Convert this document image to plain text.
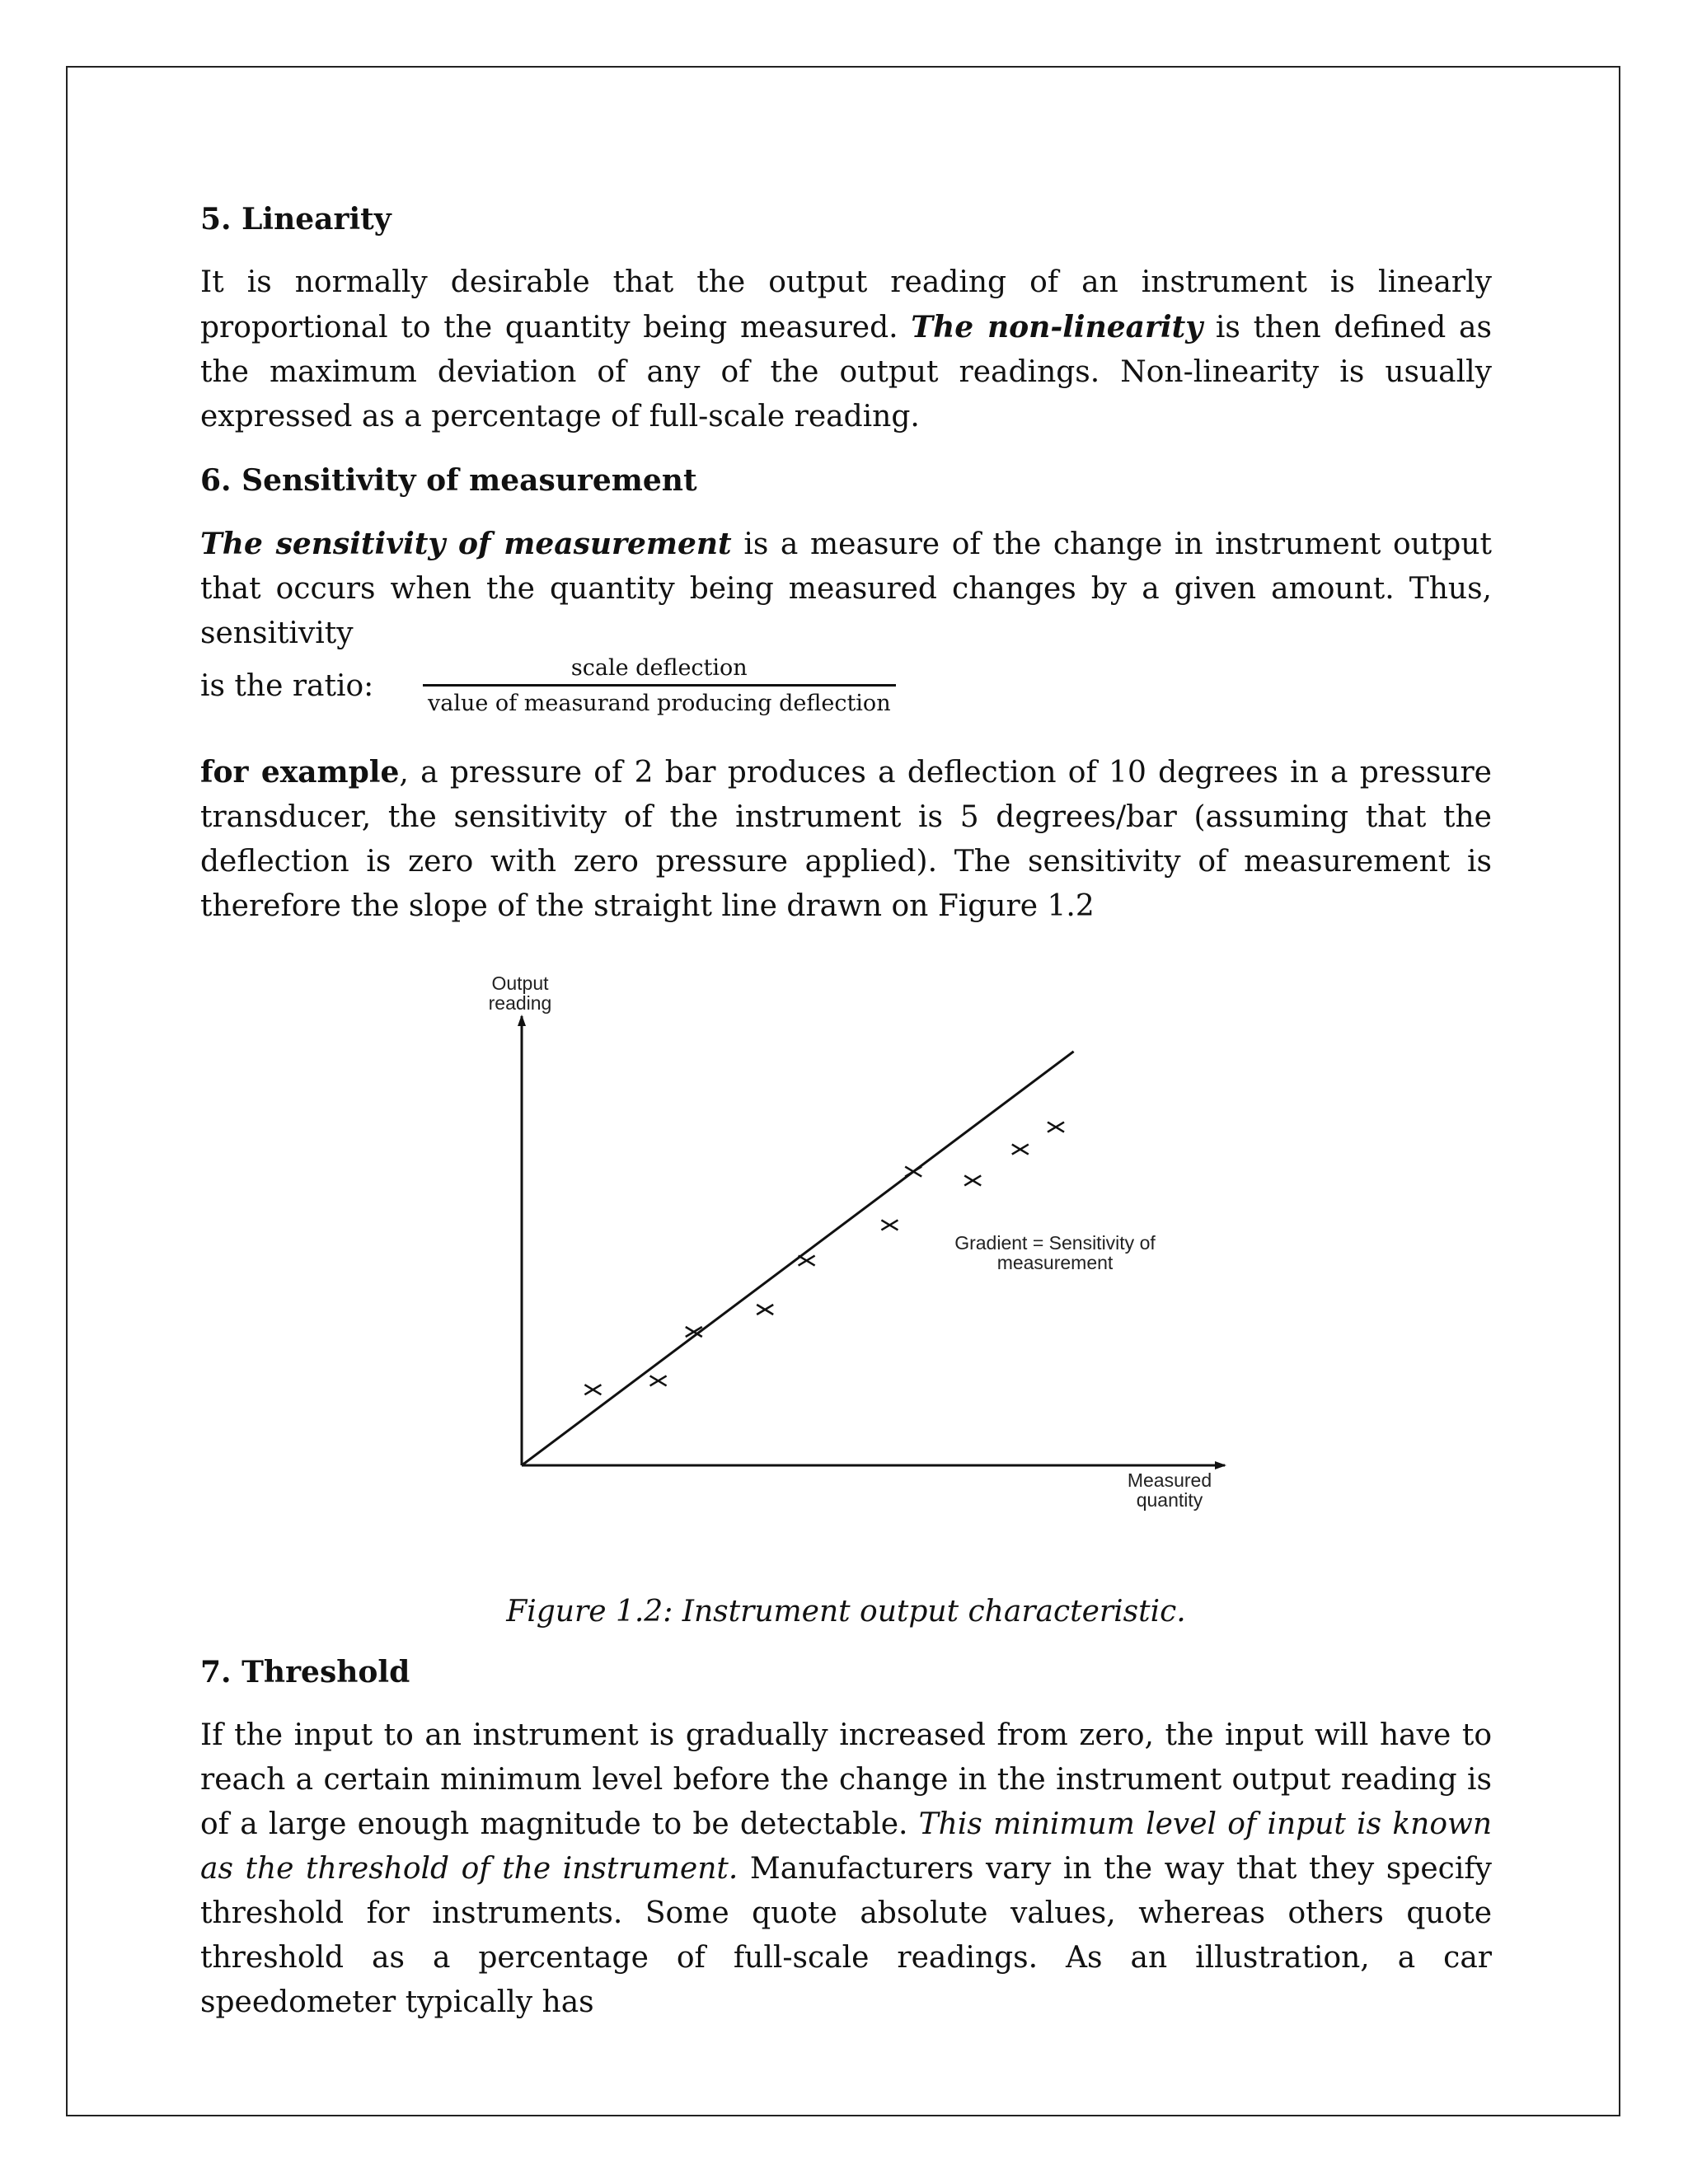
5. Linearity

It is normally desirable that the output reading of an instrument is linearly proportional to the quantity being measured. The non-linearity is then defined as the maximum deviation of any of the output readings. Non-linearity is usually expressed as a percentage of full-scale reading.

6. Sensitivity of measurement

The sensitivity of measurement is a measure of the change in instrument output that occurs when the quantity being measured changes by a given amount. Thus, sensitivity

is the ratio:	$\frac{\text{scale deflection}}{\text{value of measurand producing deflection}}$

for example, a pressure of 2 bar produces a deflection of 10 degrees in a pressure transducer, the sensitivity of the instrument is 5 degrees/bar (assuming that the deflection is zero with zero pressure applied). The sensitivity of measurement is therefore the slope of the straight line drawn on Figure 1.2

Output
reading
Measured
quantity
Gradient = Sensitivity of
measurement

Figure 1.2: Instrument output characteristic.

7. Threshold

If the input to an instrument is gradually increased from zero, the input will have to reach a certain minimum level before the change in the instrument output reading is of a large enough magnitude to be detectable. This minimum level of input is known as the threshold of the instrument. Manufacturers vary in the way that they specify threshold for instruments. Some quote absolute values, whereas others quote threshold as a percentage of full-scale readings. As an illustration, a car speedometer typically has
